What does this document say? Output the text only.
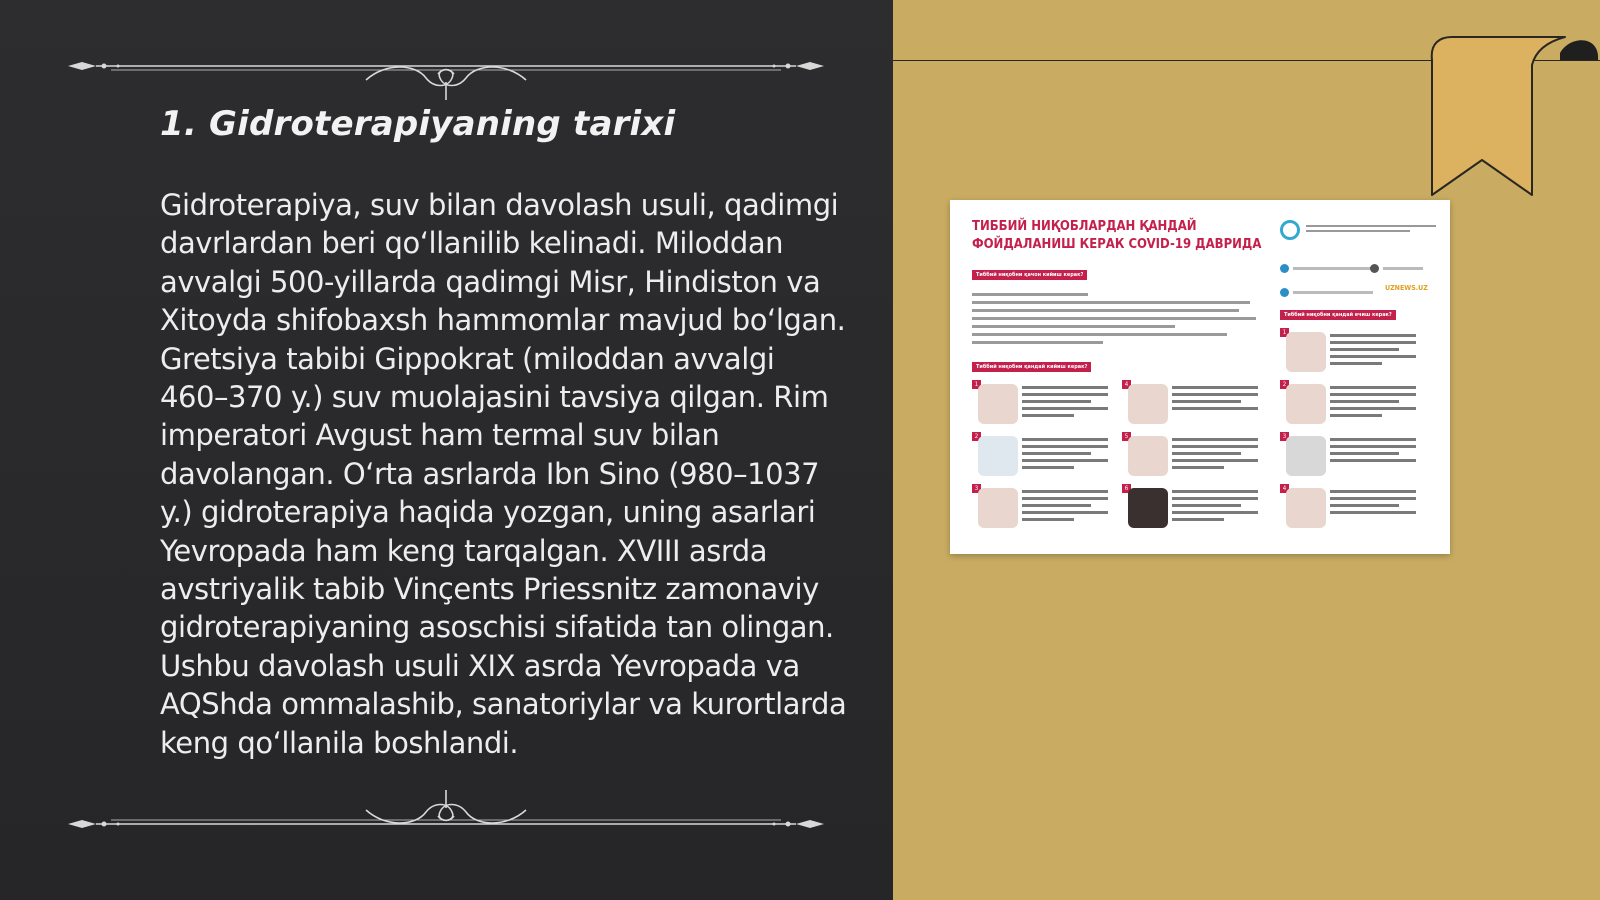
1. Gidroterapiyaning tarixi

Gidroterapiya, suv bilan davolash usuli, qadimgi davrlardan beri qo‘llanilib kelinadi. Miloddan avvalgi 500-yillarda qadimgi Misr, Hindiston va Xitoyda shifobaxsh hammomlar mavjud bo‘lgan. Gretsiya tabibi Gippokrat (miloddan avvalgi 460–370 y.) suv muolajasini tavsiya qilgan. Rim imperatori Avgust ham termal suv bilan davolangan. O‘rta asrlarda Ibn Sino (980–1037 y.) gidroterapiya haqida yozgan, uning asarlari Yevropada ham keng tarqalgan. XVIII asrda avstriyalik tabib Vinçents Priessnitz zamonaviy gidroterapiyaning asoschisi sifatida tan olingan. Ushbu davolash usuli XIX asrda Yevropada va AQShda ommalashib, sanatoriylar va kurortlarda keng qo‘llanila boshlandi.

ТИББИЙ НИҚОБЛАРДАН ҚАНДАЙ ФОЙДАЛАНИШ КЕРАК COVID-19 ДАВРИДА
UZNEWS.UZ
Тиббий ниқобни қачон кийиш керак?
Тиббий ниқобни қандай кийиш керак?
Тиббий ниқобни қандай ечиш керак?
1
2
3
4
5
6
1
2
3
4
